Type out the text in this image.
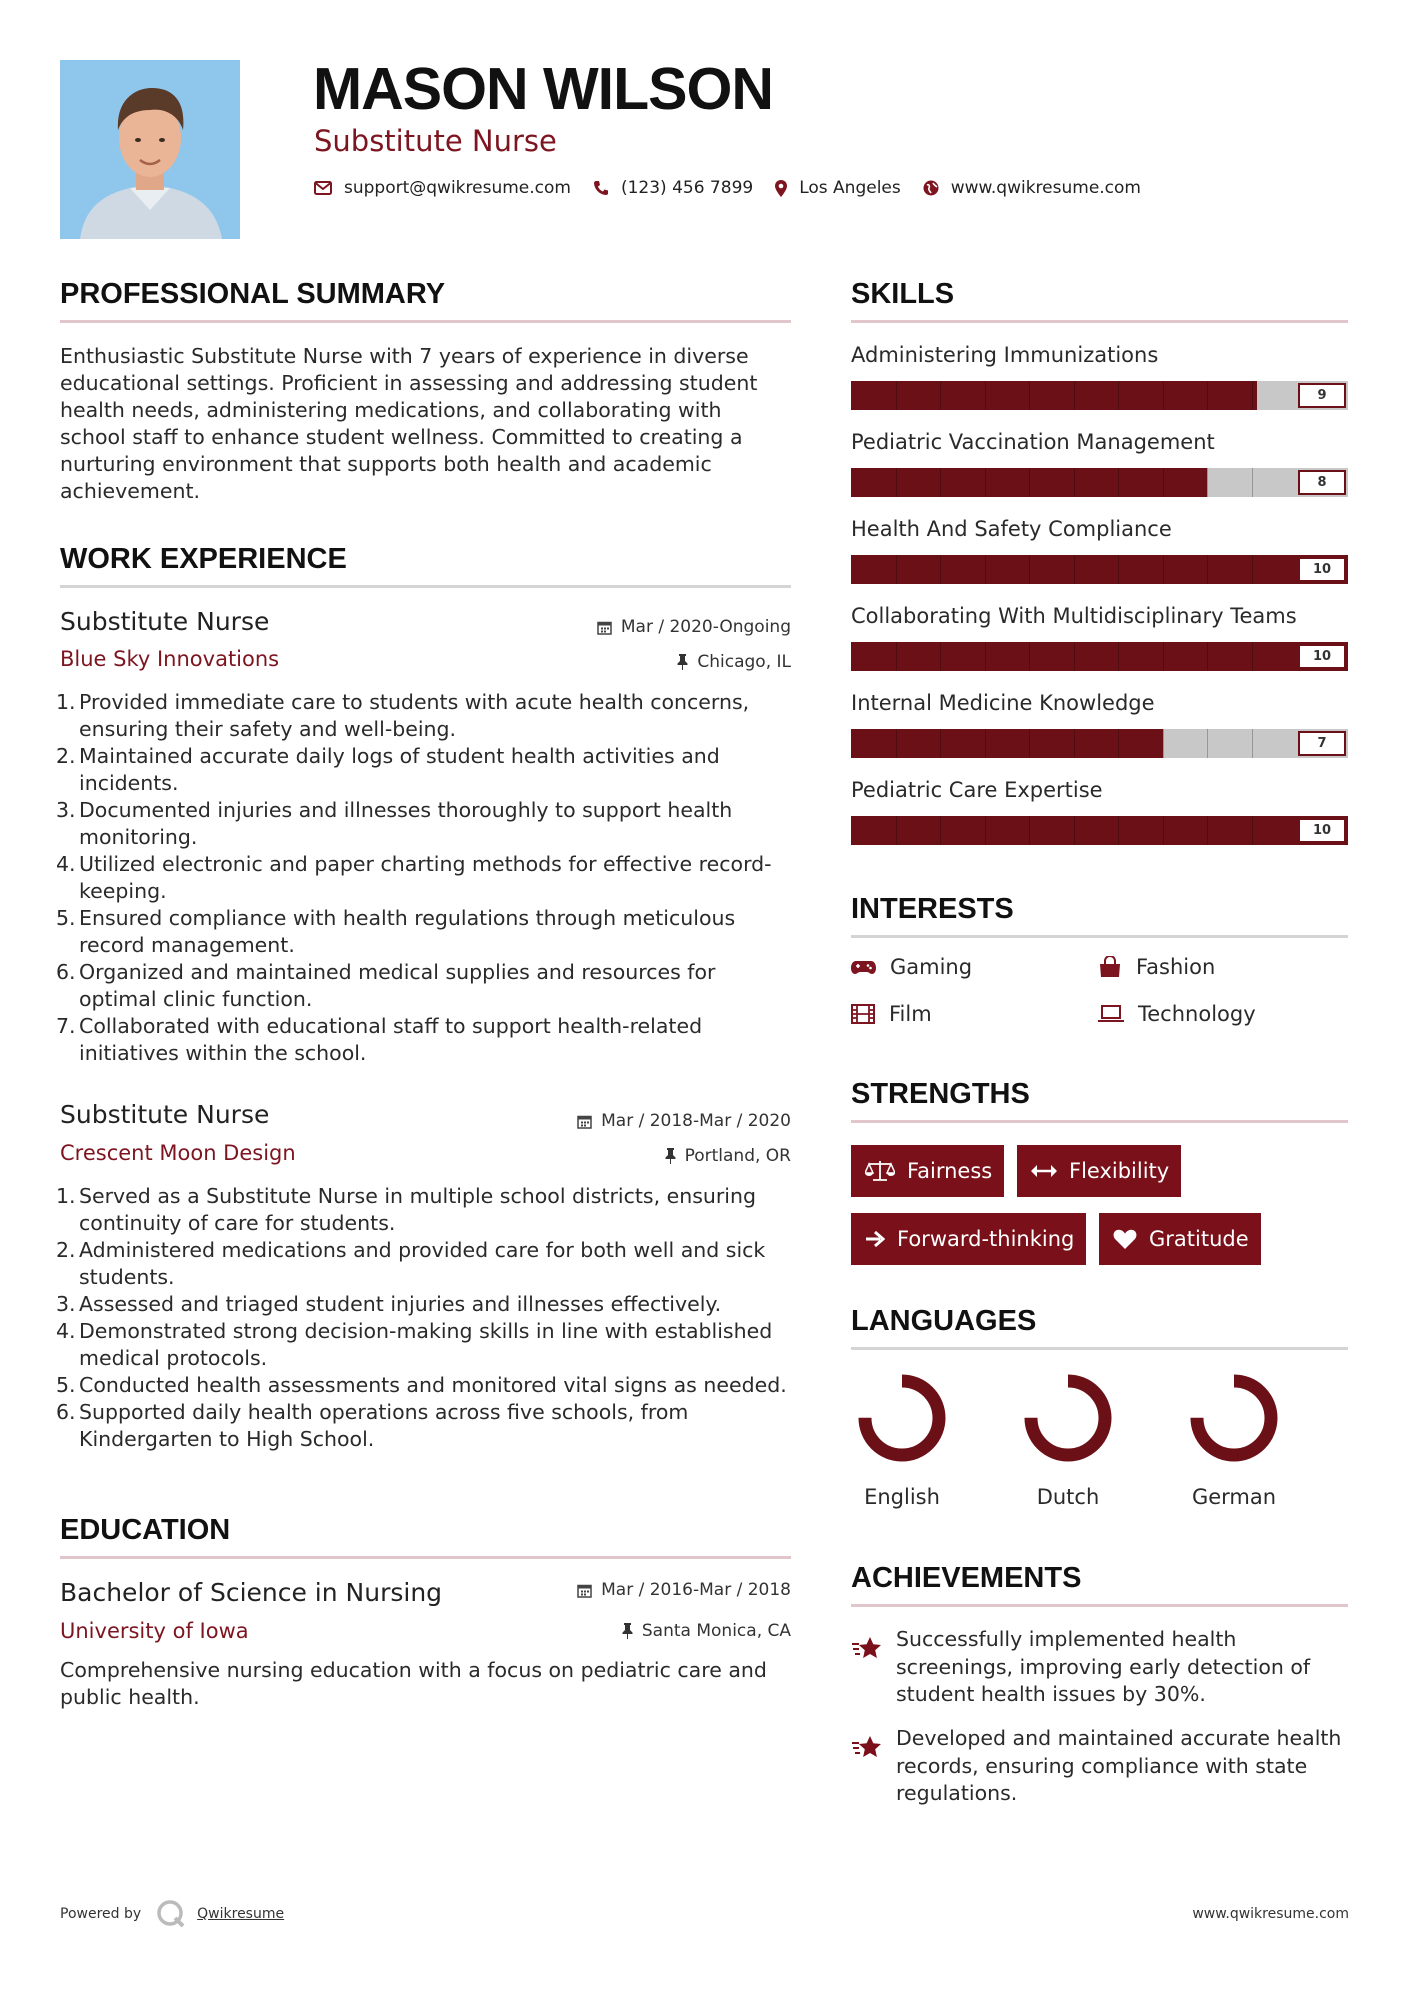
MASON WILSON
Substitute Nurse
support@qwikresume.com	(123) 456 7899	Los Angeles	www.qwikresume.com
PROFESSIONAL SUMMARY
Enthusiastic Substitute Nurse with 7 years of experience in diverse
educational settings. Proficient in assessing and addressing student
health needs, administering medications, and collaborating with
school staff to enhance student wellness. Committed to creating a
nurturing environment that supports both health and academic
achievement.
WORK EXPERIENCE
Substitute Nurse	Mar / 2020-Ongoing
Blue Sky Innovations	Chicago, IL
1. Provided immediate care to students with acute health concerns,
ensuring their safety and well-being.
2. Maintained accurate daily logs of student health activities and
incidents.
3. Documented injuries and illnesses thoroughly to support health
monitoring.
4. Utilized electronic and paper charting methods for effective record-
keeping.
5. Ensured compliance with health regulations through meticulous
record management.
6. Organized and maintained medical supplies and resources for
optimal clinic function.
7. Collaborated with educational staff to support health-related
initiatives within the school.
Substitute Nurse	Mar / 2018-Mar / 2020
Crescent Moon Design	Portland, OR
1. Served as a Substitute Nurse in multiple school districts, ensuring
continuity of care for students.
2. Administered medications and provided care for both well and sick
students.
3. Assessed and triaged student injuries and illnesses effectively.
4. Demonstrated strong decision-making skills in line with established
medical protocols.
5. Conducted health assessments and monitored vital signs as needed.
6. Supported daily health operations across five schools, from
Kindergarten to High School.
EDUCATION
Bachelor of Science in Nursing	Mar / 2016-Mar / 2018
University of Iowa	Santa Monica, CA
Comprehensive nursing education with a focus on pediatric care and
public health.
SKILLS
Administering Immunizations
9
Pediatric Vaccination Management
8
Health And Safety Compliance
10
Collaborating With Multidisciplinary Teams
10
Internal Medicine Knowledge
7
Pediatric Care Expertise
10
INTERESTS
Gaming	Fashion
Film	Technology
STRENGTHS
Fairness	Flexibility
Forward-thinking	Gratitude
LANGUAGES
English	Dutch	German
ACHIEVEMENTS
Successfully implemented health
screenings, improving early detection of
student health issues by 30%.
Developed and maintained accurate health
records, ensuring compliance with state
regulations.
Powered by	Qwikresume	www.qwikresume.com
